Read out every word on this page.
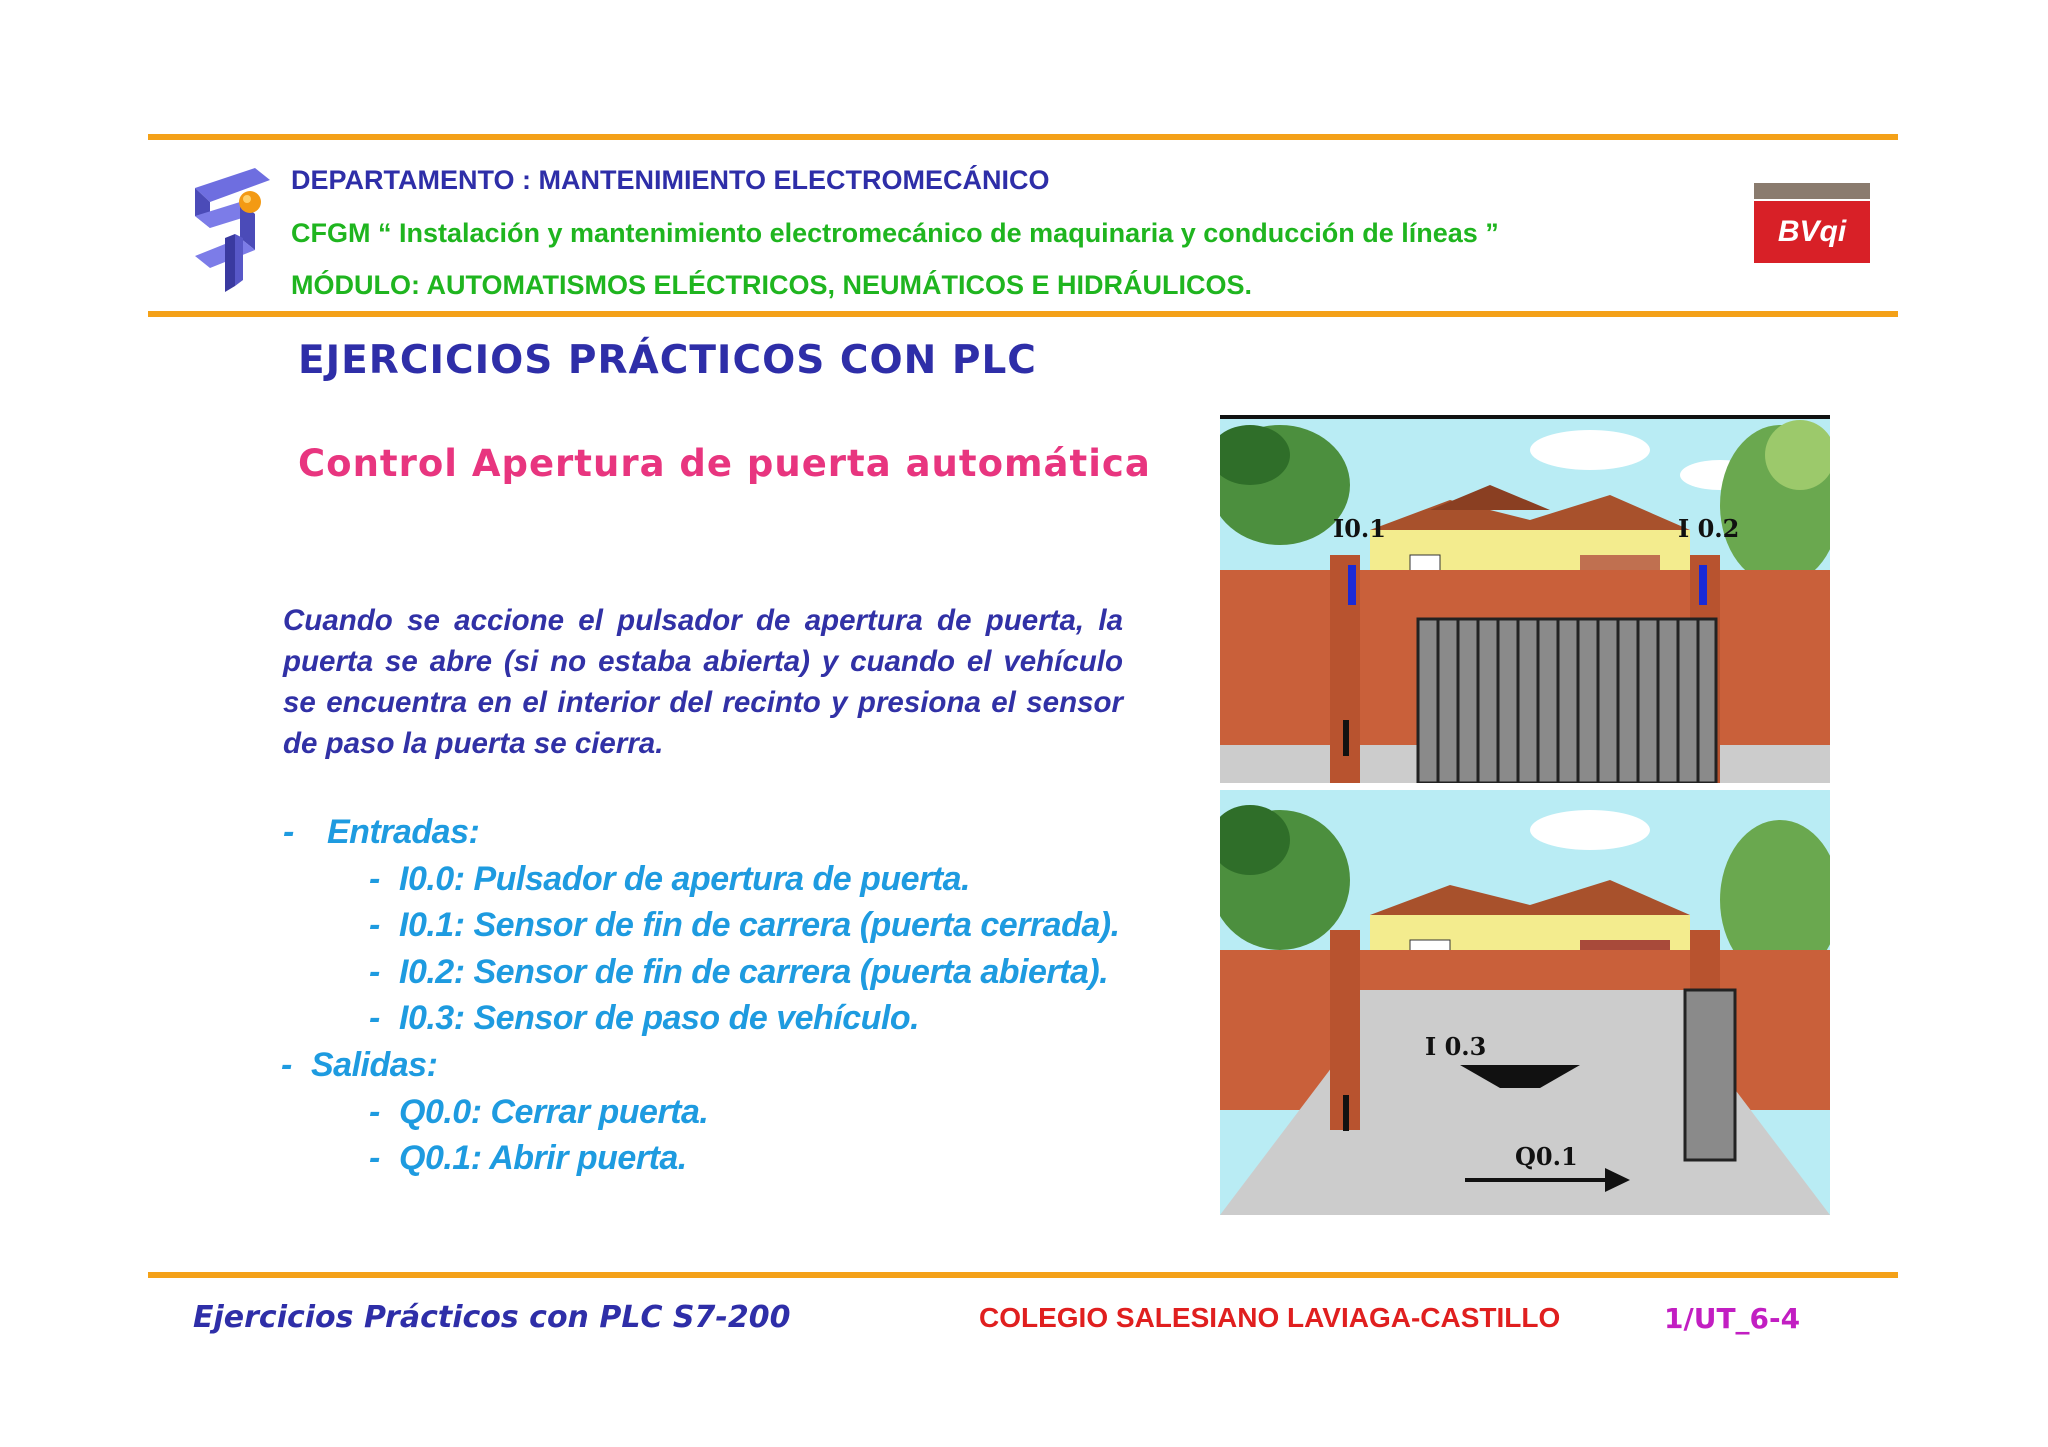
DEPARTAMENTO : MANTENIMIENTO ELECTROMECÁNICO
CFGM “ Instalación y mantenimiento electromecánico de maquinaria y conducción de líneas ”
MÓDULO: AUTOMATISMOS ELÉCTRICOS, NEUMÁTICOS E HIDRÁULICOS.
BVqi
EJERCICIOS PRÁCTICOS CON PLC
Control Apertura de puerta automática
Cuando se accione el pulsador de apertura de puerta, la puerta se abre (si no estaba abierta) y cuando el vehículo se encuentra en el interior del recinto y presiona el sensor de paso la puerta se cierra.
- Entradas:
- I0.0: Pulsador de apertura de puerta.
- I0.1: Sensor de fin de carrera (puerta cerrada).
- I0.2: Sensor de fin de carrera (puerta abierta).
- I0.3: Sensor de paso de vehículo.
- Salidas:
- Q0.0: Cerrar puerta.
- Q0.1: Abrir puerta.
I0.1	I 0.2
I 0.3
Q0.1
Ejercicios Prácticos con PLC S7-200	COLEGIO SALESIANO LAVIAGA-CASTILLO	1/UT_6-4
